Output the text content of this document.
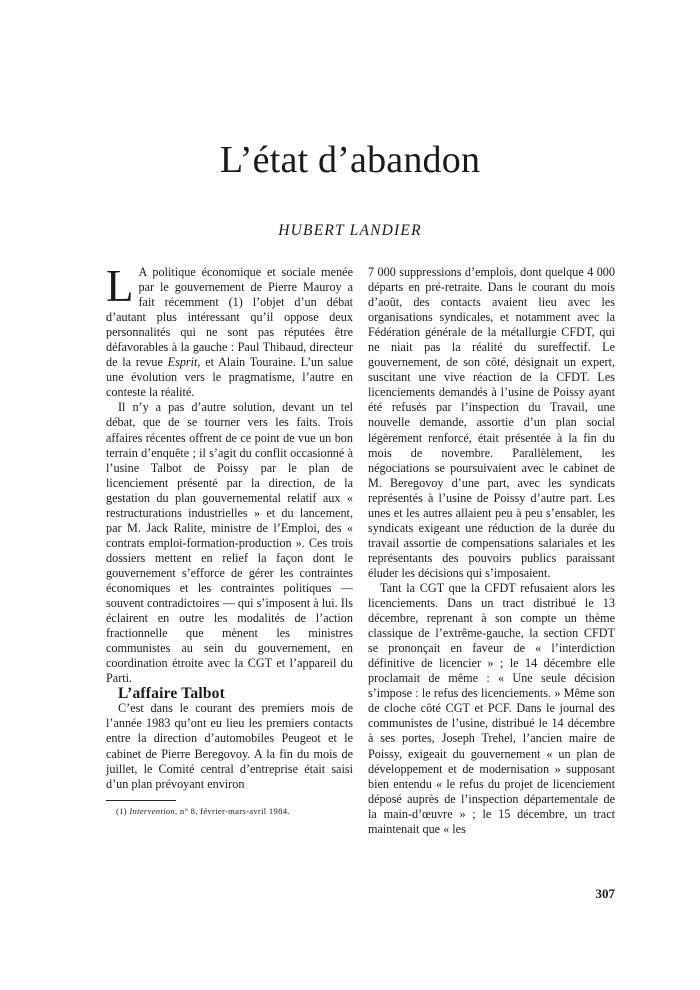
L’état d’abandon
HUBERT LANDIER

L A politique économique et sociale menée par le gouvernement de Pierre Mauroy a fait récemment (1) l’objet d’un débat d’autant plus intéressant qu’il oppose deux personnalités qui ne sont pas réputées être défavorables à la gauche : Paul Thibaud, directeur de la revue Esprit, et Alain Touraine. L’un salue une évolution vers le pragmatisme, l’autre en conteste la réalité.

Il n’y a pas d’autre solution, devant un tel débat, que de se tourner vers les faits. Trois affaires récentes offrent de ce point de vue un bon terrain d’enquête ; il s’agit du conflit occasionné à l’usine Talbot de Poissy par le plan de licenciement présenté par la direction, de la gestation du plan gouvernemental relatif aux « restructurations industrielles » et du lancement, par M. Jack Ralite, ministre de l’Emploi, des « contrats emploi-formation-production ». Ces trois dossiers mettent en relief la façon dont le gouvernement s’efforce de gérer les contraintes économiques et les contraintes politiques — souvent contradictoires — qui s’imposent à lui. Ils éclairent en outre les modalités de l’action fractionnelle que mènent les ministres communistes au sein du gouvernement, en coordination étroite avec la CGT et l’appareil du Parti.

L’affaire Talbot

C’est dans le courant des premiers mois de l’année 1983 qu’ont eu lieu les premiers contacts entre la direction d’automobiles Peugeot et le cabinet de Pierre Beregovoy. A la fin du mois de juillet, le Comité central d’entreprise était saisi d’un plan prévoyant environ

7 000 suppressions d’emplois, dont quelque 4 000 départs en pré-retraite. Dans le courant du mois d’août, des contacts avaient lieu avec les organisations syndicales, et notamment avec la Fédération générale de la métallurgie CFDT, qui ne niait pas la réalité du sureffectif. Le gouvernement, de son côté, désignait un expert, suscitant une vive réaction de la CFDT. Les licenciements demandés à l’usine de Poissy ayant été refusés par l’inspection du Travail, une nouvelle demande, assortie d’un plan social légèrement renforcé, était présentée à la fin du mois de novembre. Parallèlement, les négociations se poursuivaient avec le cabinet de M. Beregovoy d’une part, avec les syndicats représentés à l’usine de Poissy d’autre part. Les unes et les autres allaient peu à peu s’ensabler, les syndicats exigeant une réduction de la durée du travail assortie de compensations salariales et les représentants des pouvoirs publics paraissant éluder les décisions qui s’imposaient.

Tant la CGT que la CFDT refusaient alors les licenciements. Dans un tract distribué le 13 décembre, reprenant à son compte un thème classique de l’extrême-gauche, la section CFDT se prononçait en faveur de « l’interdiction définitive de licencier » ; le 14 décembre elle proclamait de même : « Une seule décision s’impose : le refus des licenciements. » Même son de cloche côté CGT et PCF. Dans le journal des communistes de l’usine, distribué le 14 décembre à ses portes, Joseph Trehel, l’ancien maire de Poissy, exigeait du gouvernement « un plan de développement et de modernisation » supposant bien entendu « le refus du projet de licenciement déposé auprès de l’inspection départementale de la main-d’œuvre » ; le 15 décembre, un tract maintenait que « les

(1) Intervention, n° 8, février-mars-avril 1984.
307
